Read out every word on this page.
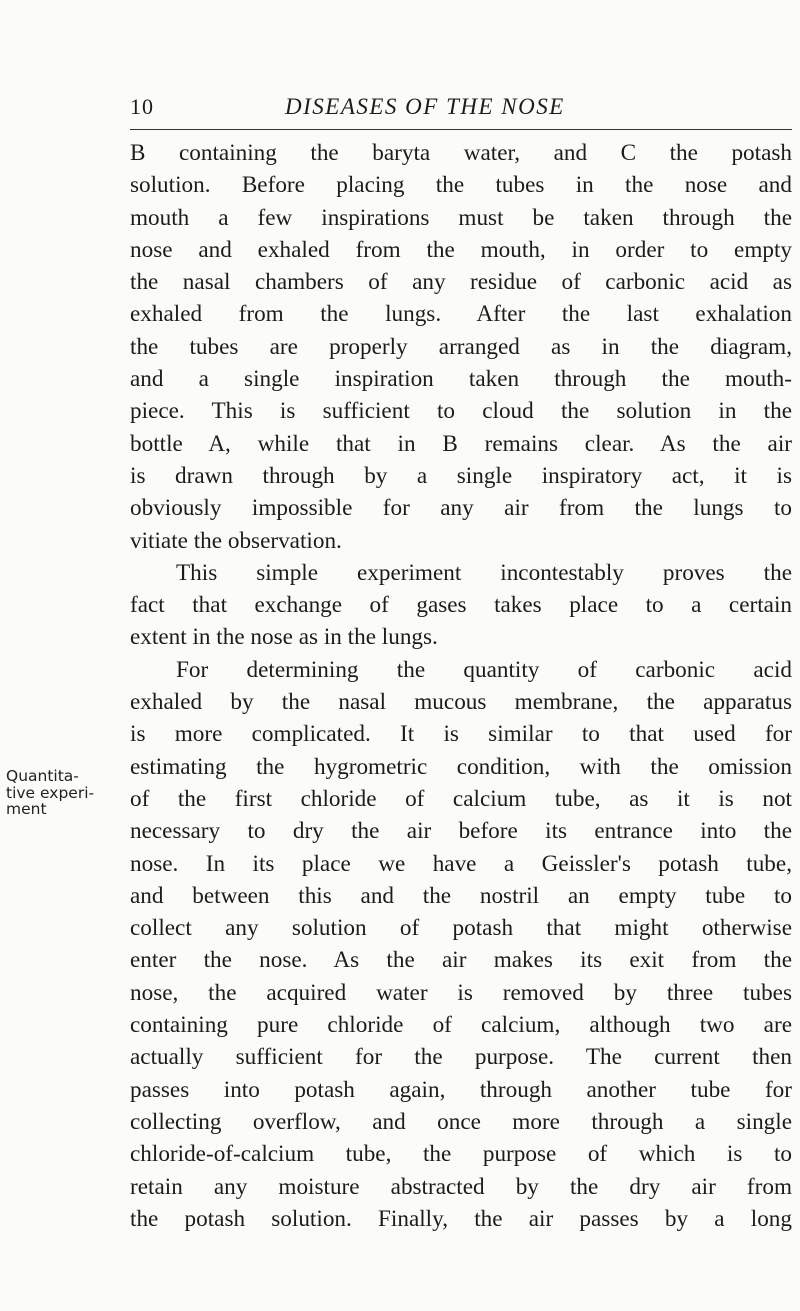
10	DISEASES OF THE NOSE
Quantita-
tive experi-
ment
B containing the baryta water, and C the potash
solution. Before placing the tubes in the nose and
mouth a few inspirations must be taken through the
nose and exhaled from the mouth, in order to empty
the nasal chambers of any residue of carbonic acid as
exhaled from the lungs. After the last exhalation
the tubes are properly arranged as in the diagram,
and a single inspiration taken through the mouth-
piece. This is sufficient to cloud the solution in the
bottle A, while that in B remains clear. As the air
is drawn through by a single inspiratory act, it is
obviously impossible for any air from the lungs to
vitiate the observation.
This simple experiment incontestably proves the
fact that exchange of gases takes place to a certain
extent in the nose as in the lungs.
For determining the quantity of carbonic acid
exhaled by the nasal mucous membrane, the apparatus
is more complicated. It is similar to that used for
estimating the hygrometric condition, with the omission
of the first chloride of calcium tube, as it is not
necessary to dry the air before its entrance into the
nose. In its place we have a Geissler's potash tube,
and between this and the nostril an empty tube to
collect any solution of potash that might otherwise
enter the nose. As the air makes its exit from the
nose, the acquired water is removed by three tubes
containing pure chloride of calcium, although two are
actually sufficient for the purpose. The current then
passes into potash again, through another tube for
collecting overflow, and once more through a single
chloride-of-calcium tube, the purpose of which is to
retain any moisture abstracted by the dry air from
the potash solution. Finally, the air passes by a long
